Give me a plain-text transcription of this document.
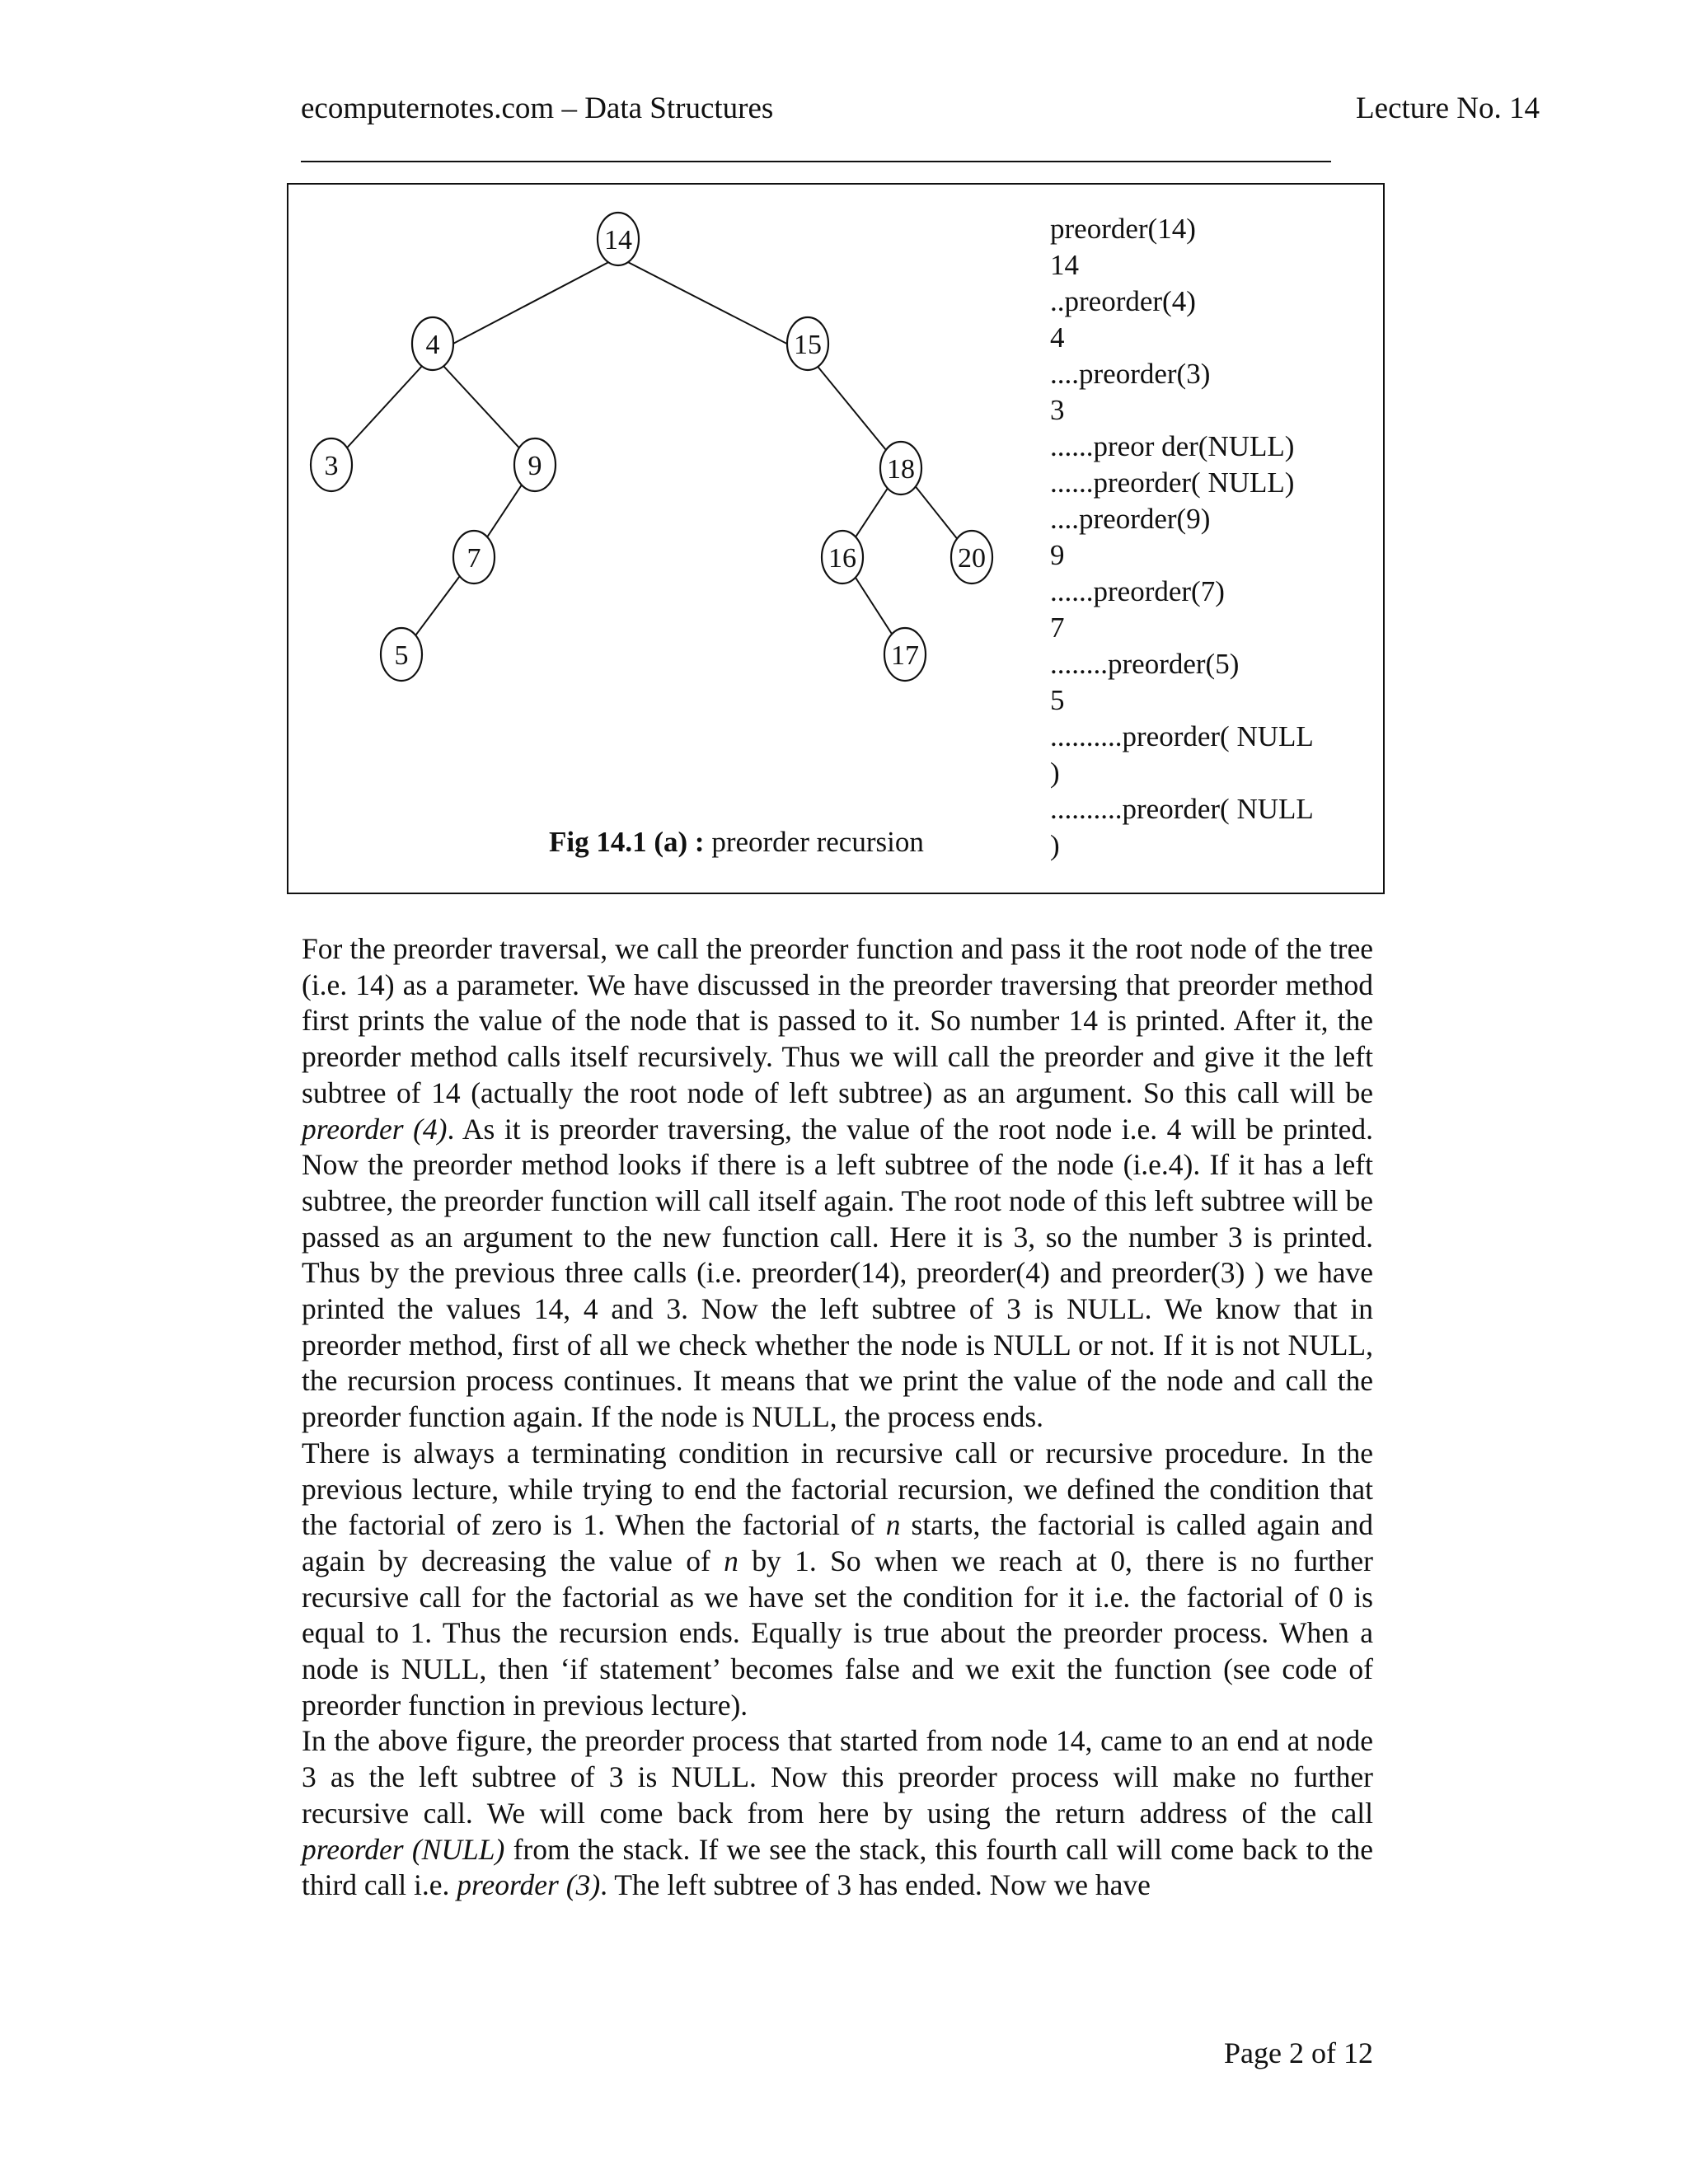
ecomputernotes.com – Data Structures	Lecture No. 14
14
4	15
3	9	18
7	16	20
5	17
preorder(14)
14
..preorder(4)
4
....preorder(3)
3
......preor der(NULL)
......preorder( NULL)
....preorder(9)
9
......preorder(7)
7
........preorder(5)
5
..........preorder( NULL
)
..........preorder( NULL
)
Fig 14.1 (a) : preorder recursion

For the preorder traversal, we call the preorder function and pass it the root node of the tree (i.e. 14) as a parameter. We have discussed in the preorder traversing that preorder method first prints the value of the node that is passed to it. So number 14 is printed. After it, the preorder method calls itself recursively. Thus we will call the preorder and give it the left subtree of 14 (actually the root node of left subtree) as an argument. So this call will be preorder (4). As it is preorder traversing, the value of the root node i.e. 4 will be printed. Now the preorder method looks if there is a left subtree of the node (i.e.4). If it has a left subtree, the preorder function will call itself again. The root node of this left subtree will be passed as an argument to the new function call. Here it is 3, so the number 3 is printed. Thus by the previous three calls (i.e. preorder(14), preorder(4) and preorder(3) ) we have printed the values 14, 4 and 3. Now the left subtree of 3 is NULL. We know that in preorder method, first of all we check whether the node is NULL or not. If it is not NULL, the recursion process continues. It means that we print the value of the node and call the preorder function again. If the node is NULL, the process ends.

There is always a terminating condition in recursive call or recursive procedure. In the previous lecture, while trying to end the factorial recursion, we defined the condition that the factorial of zero is 1. When the factorial of n starts, the factorial is called again and again by decreasing the value of n by 1. So when we reach at 0, there is no further recursive call for the factorial as we have set the condition for it i.e. the factorial of 0 is equal to 1. Thus the recursion ends. Equally is true about the preorder process. When a node is NULL, then ‘if statement’ becomes false and we exit the function (see code of preorder function in previous lecture).

In the above figure, the preorder process that started from node 14, came to an end at node 3 as the left subtree of 3 is NULL. Now this preorder process will make no further recursive call. We will come back from here by using the return address of the call preorder (NULL) from the stack. If we see the stack, this fourth call will come back to the third call i.e. preorder (3). The left subtree of 3 has ended. Now we have

Page 2 of 12
